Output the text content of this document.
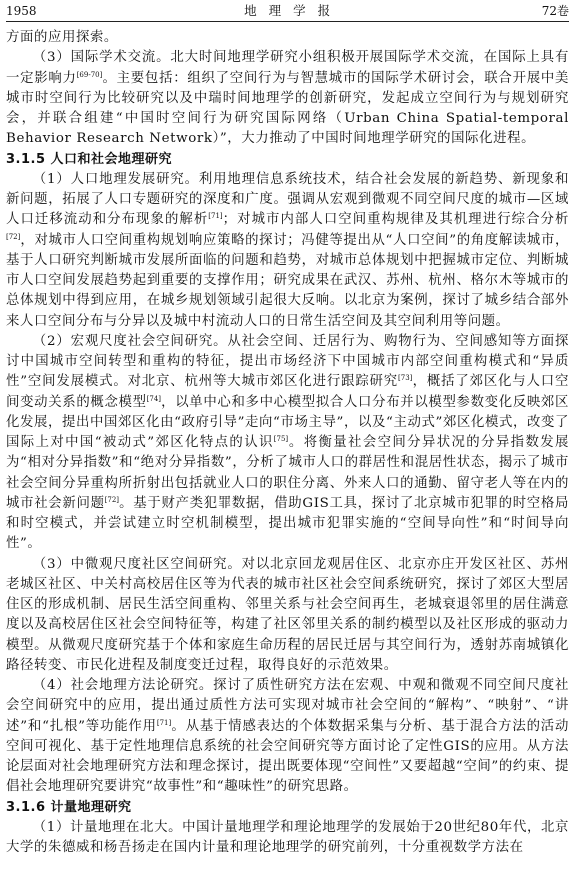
1958	地 理 学 报	72卷

方面的应用探索。

（3）国际学术交流。北大时间地理学研究小组积极开展国际学术交流，在国际上具有一定影响力[69-70]。主要包括：组织了空间行为与智慧城市的国际学术研讨会，联合开展中美城市时空间行为比较研究以及中瑞时间地理学的创新研究，发起成立空间行为与规划研究会，并联合组建“中国时空间行为研究国际网络（Urban China Spatial-temporal Behavior Research Network）”，大力推动了中国时间地理学研究的国际化进程。

3.1.5 人口和社会地理研究

（1）人口地理发展研究。利用地理信息系统技术，结合社会发展的新趋势、新现象和新问题，拓展了人口专题研究的深度和广度。强调从宏观到微观不同空间尺度的城市—区域人口迁移流动和分布现象的解析[71]；对城市内部人口空间重构规律及其机理进行综合分析[72]，对城市人口空间重构规划响应策略的探讨；冯健等提出从“人口空间”的角度解读城市，基于人口研究判断城市发展所面临的问题和趋势，对城市总体规划中把握城市定位、判断城市人口空间发展趋势起到重要的支撑作用；研究成果在武汉、苏州、杭州、格尔木等城市的总体规划中得到应用，在城乡规划领域引起很大反响。以北京为案例，探讨了城乡结合部外来人口空间分布与分异以及城中村流动人口的日常生活空间及其空间利用等问题。

（2）宏观尺度社会空间研究。从社会空间、迁居行为、购物行为、空间感知等方面探讨中国城市空间转型和重构的特征，提出市场经济下中国城市内部空间重构模式和“异质性”空间发展模式。对北京、杭州等大城市郊区化进行跟踪研究[73]，概括了郊区化与人口空间变动关系的概念模型[74]，以单中心和多中心模型拟合人口分布并以模型参数变化反映郊区化发展，提出中国郊区化由“政府引导”走向“市场主导”，以及“主动式”郊区化模式，改变了国际上对中国“被动式”郊区化特点的认识[75]。将衡量社会空间分异状况的分异指数发展为“相对分异指数”和“绝对分异指数”，分析了城市人口的群居性和混居性状态，揭示了城市社会空间分异重构所折射出包括就业人口的职住分离、外来人口的通勤、留守老人等在内的城市社会新问题[72]。基于财产类犯罪数据，借助GIS工具，探讨了北京城市犯罪的时空格局和时空模式，并尝试建立时空机制模型，提出城市犯罪实施的“空间导向性”和“时间导向性”。

（3）中微观尺度社区空间研究。对以北京回龙观居住区、北京亦庄开发区社区、苏州老城区社区、中关村高校居住区等为代表的城市社区社会空间系统研究，探讨了郊区大型居住区的形成机制、居民生活空间重构、邻里关系与社会空间再生，老城衰退邻里的居住满意度以及高校居住区社会空间特征等，构建了社区邻里关系的制约模型以及社区形成的驱动力模型。从微观尺度研究基于个体和家庭生命历程的居民迁居与其空间行为，透射苏南城镇化路径转变、市民化进程及制度变迁过程，取得良好的示范效果。

（4）社会地理方法论研究。探讨了质性研究方法在宏观、中观和微观不同空间尺度社会空间研究中的应用，提出通过质性方法可实现对城市社会空间的“解构”、“映射”、“讲述”和“扎根”等功能作用[71]。从基于情感表达的个体数据采集与分析、基于混合方法的活动空间可视化、基于定性地理信息系统的社会空间研究等方面讨论了定性GIS的应用。从方法论层面对社会地理研究方法和理念探讨，提出既要体现“空间性”又要超越“空间”的约束、提倡社会地理研究要讲究“故事性”和“趣味性”的研究思路。

3.1.6 计量地理研究

（1）计量地理在北大。中国计量地理学和理论地理学的发展始于20世纪80年代，北京大学的朱德威和杨吾扬走在国内计量和理论地理学的研究前列，十分重视数学方法在
